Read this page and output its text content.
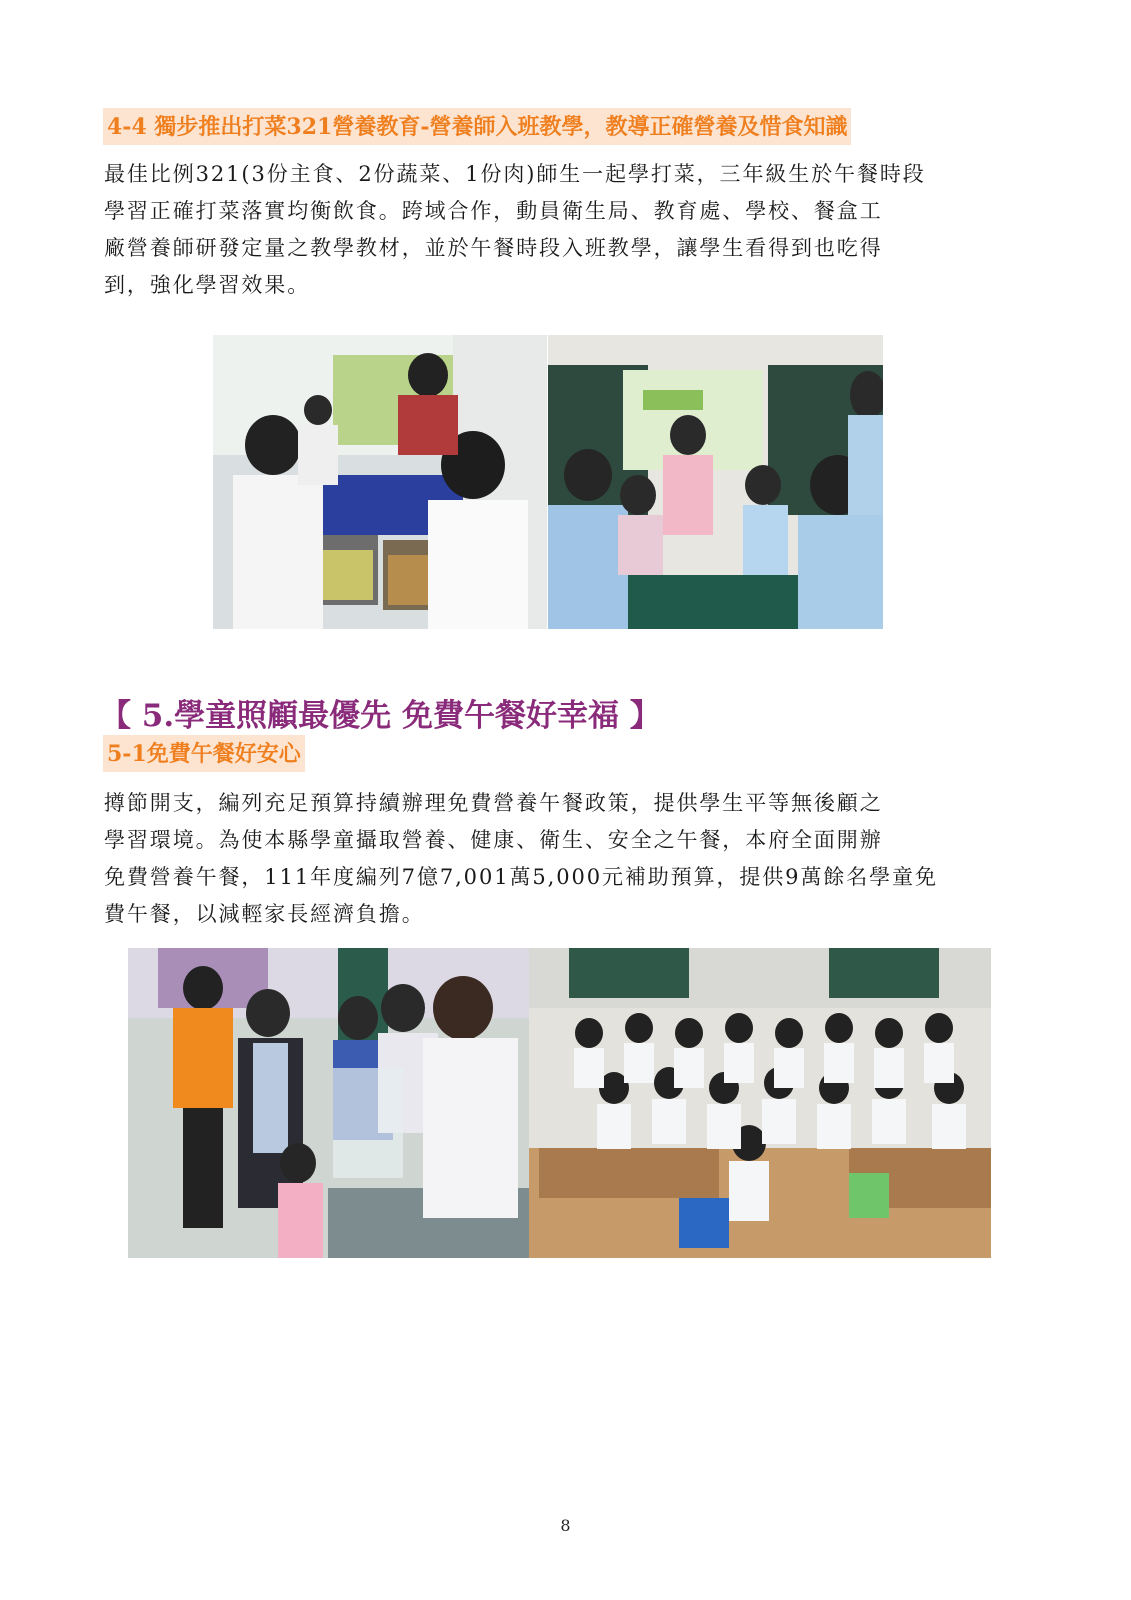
4-4 獨步推出打菜321營養教育-營養師入班教學，教導正確營養及惜食知識

最佳比例321(3份主食、2份蔬菜、1份肉)師生一起學打菜，三年級生於午餐時段
學習正確打菜落實均衡飲食。跨域合作，動員衛生局、教育處、學校、餐盒工
廠營養師研發定量之教學教材，並於午餐時段入班教學，讓學生看得到也吃得
到，強化學習效果。

【 5.學童照顧最優先 免費午餐好幸福 】
5-1免費午餐好安心

撙節開支，編列充足預算持續辦理免費營養午餐政策，提供學生平等無後顧之
學習環境。為使本縣學童攝取營養、健康、衛生、安全之午餐，本府全面開辦
免費營養午餐，111年度編列7億7,001萬5,000元補助預算，提供9萬餘名學童免
費午餐，以減輕家長經濟負擔。

8
